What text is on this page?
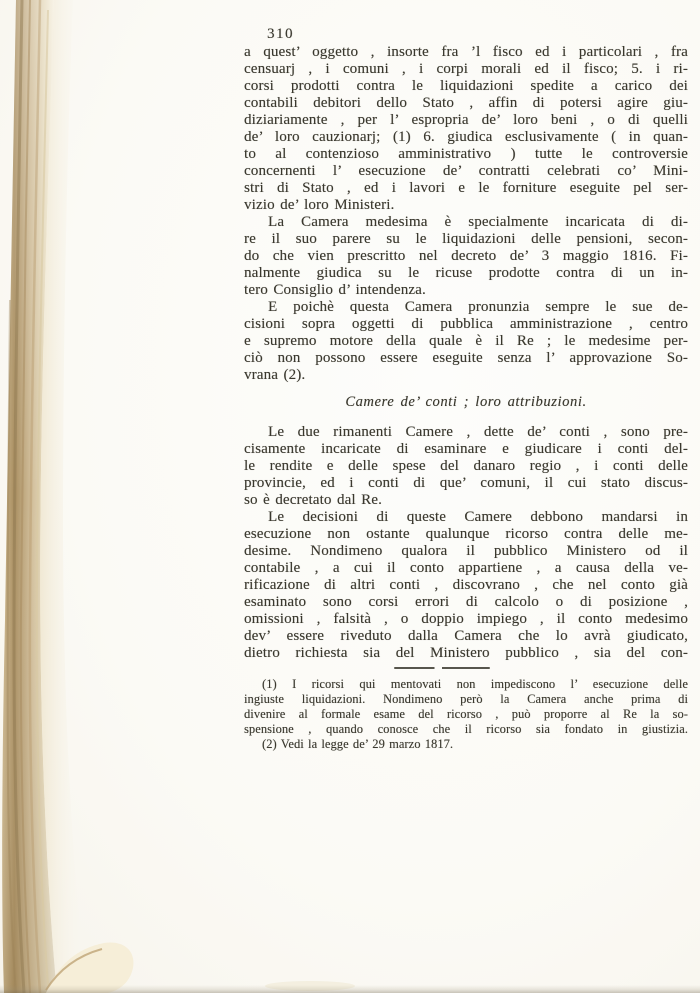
310
a quest’ oggetto , insorte fra ’l fisco ed i particolari , fra
censuarj , i comuni , i corpi morali ed il fisco; 5. i ri-
corsi prodotti contra le liquidazioni spedite a carico dei
contabili debitori dello Stato , affin di potersi agire giu-
diziariamente , per l’ espropria de’ loro beni , o di quelli
de’ loro cauzionarj; (1) 6. giudica esclusivamente ( in quan-
to al contenzioso amministrativo ) tutte le controversie
concernenti l’ esecuzione de’ contratti celebrati co’ Mini-
stri di Stato , ed i lavori e le forniture eseguite pel ser-
vizio de’ loro Ministeri.
La Camera medesima è specialmente incaricata di di-
re il suo parere su le liquidazioni delle pensioni, secon-
do che vien prescritto nel decreto de’ 3 maggio 1816. Fi-
nalmente giudica su le ricuse prodotte contra di un in-
tero Consiglio d’ intendenza.
E poichè questa Camera pronunzia sempre le sue de-
cisioni sopra oggetti di pubblica amministrazione , centro
e supremo motore della quale è il Re ; le medesime per-
ciò non possono essere eseguite senza l’ approvazione So-
vrana (2).
Camere de’ conti ; loro attribuzioni.
Le due rimanenti Camere , dette de’ conti , sono pre-
cisamente incaricate di esaminare e giudicare i conti del-
le rendite e delle spese del danaro regio , i conti delle
provincie, ed i conti di que’ comuni, il cui stato discus-
so è decretato dal Re.
Le decisioni di queste Camere debbono mandarsi in
esecuzione non ostante qualunque ricorso contra delle me-
desime. Nondimeno qualora il pubblico Ministero od il
contabile , a cui il conto appartiene , a causa della ve-
rificazione di altri conti , discovrano , che nel conto già
esaminato sono corsi errori di calcolo o di posizione ,
omissioni , falsità , o doppio impiego , il conto medesimo
dev’ essere riveduto dalla Camera che lo avrà giudicato,
dietro richiesta sia del Ministero pubblico , sia del con-
(1) I ricorsi qui mentovati non impediscono l’ esecuzione delle
ingiuste liquidazioni. Nondimeno però la Camera anche prima di
divenire al formale esame del ricorso , può proporre al Re la so-
spensione , quando conosce che il ricorso sia fondato in giustizia.
(2) Vedi la legge de’ 29 marzo 1817.
